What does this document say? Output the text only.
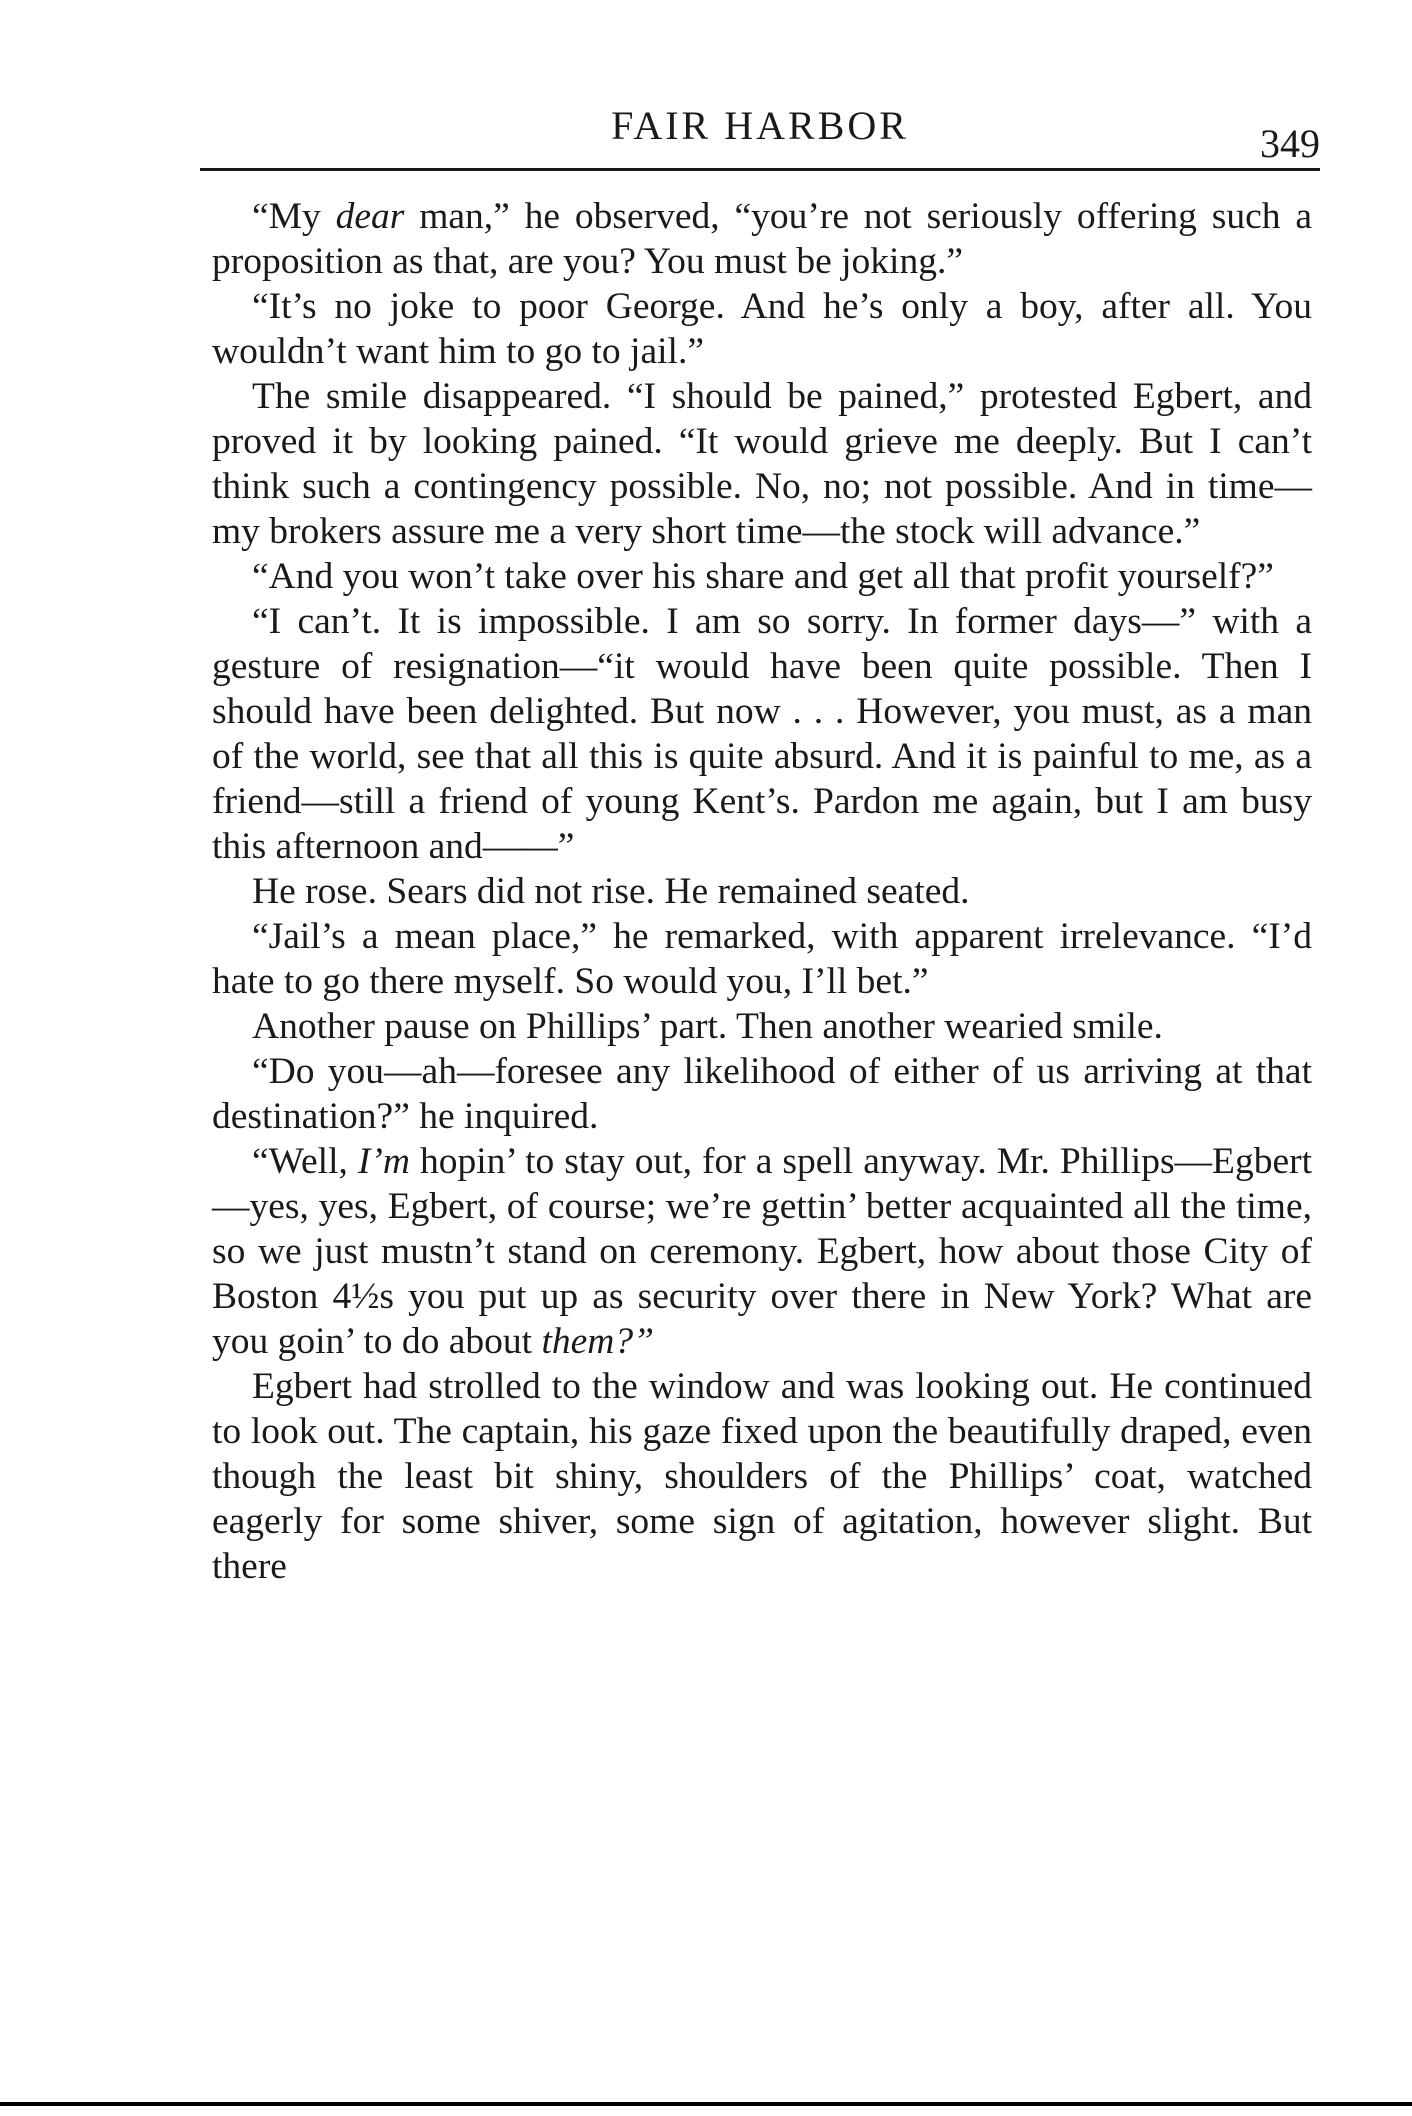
FAIR HARBOR	349

“My dear man,” he observed, “you’re not seriously offering such a proposition as that, are you? You must be joking.”

“It’s no joke to poor George. And he’s only a boy, after all. You wouldn’t want him to go to jail.”

The smile disappeared. “I should be pained,” protested Egbert, and proved it by looking pained. “It would grieve me deeply. But I can’t think such a contingency possible. No, no; not possible. And in time—my brokers assure me a very short time—the stock will advance.”

“And you won’t take over his share and get all that profit yourself?”

“I can’t. It is impossible. I am so sorry. In former days—” with a gesture of resignation—“it would have been quite possible. Then I should have been delighted. But now . . . However, you must, as a man of the world, see that all this is quite absurd. And it is painful to me, as a friend—still a friend of young Kent’s. Pardon me again, but I am busy this afternoon and——”

He rose. Sears did not rise. He remained seated.

“Jail’s a mean place,” he remarked, with apparent irrelevance. “I’d hate to go there myself. So would you, I’ll bet.”

Another pause on Phillips’ part. Then another wearied smile.

“Do you—ah—foresee any likelihood of either of us arriving at that destination?” he inquired.

“Well, I’m hopin’ to stay out, for a spell anyway. Mr. Phillips—Egbert—yes, yes, Egbert, of course; we’re gettin’ better acquainted all the time, so we just mustn’t stand on ceremony. Egbert, how about those City of Boston 4½s you put up as security over there in New York? What are you goin’ to do about them?”

Egbert had strolled to the window and was looking out. He continued to look out. The captain, his gaze fixed upon the beautifully draped, even though the least bit shiny, shoulders of the Phillips’ coat, watched eagerly for some shiver, some sign of agitation, however slight. But there
